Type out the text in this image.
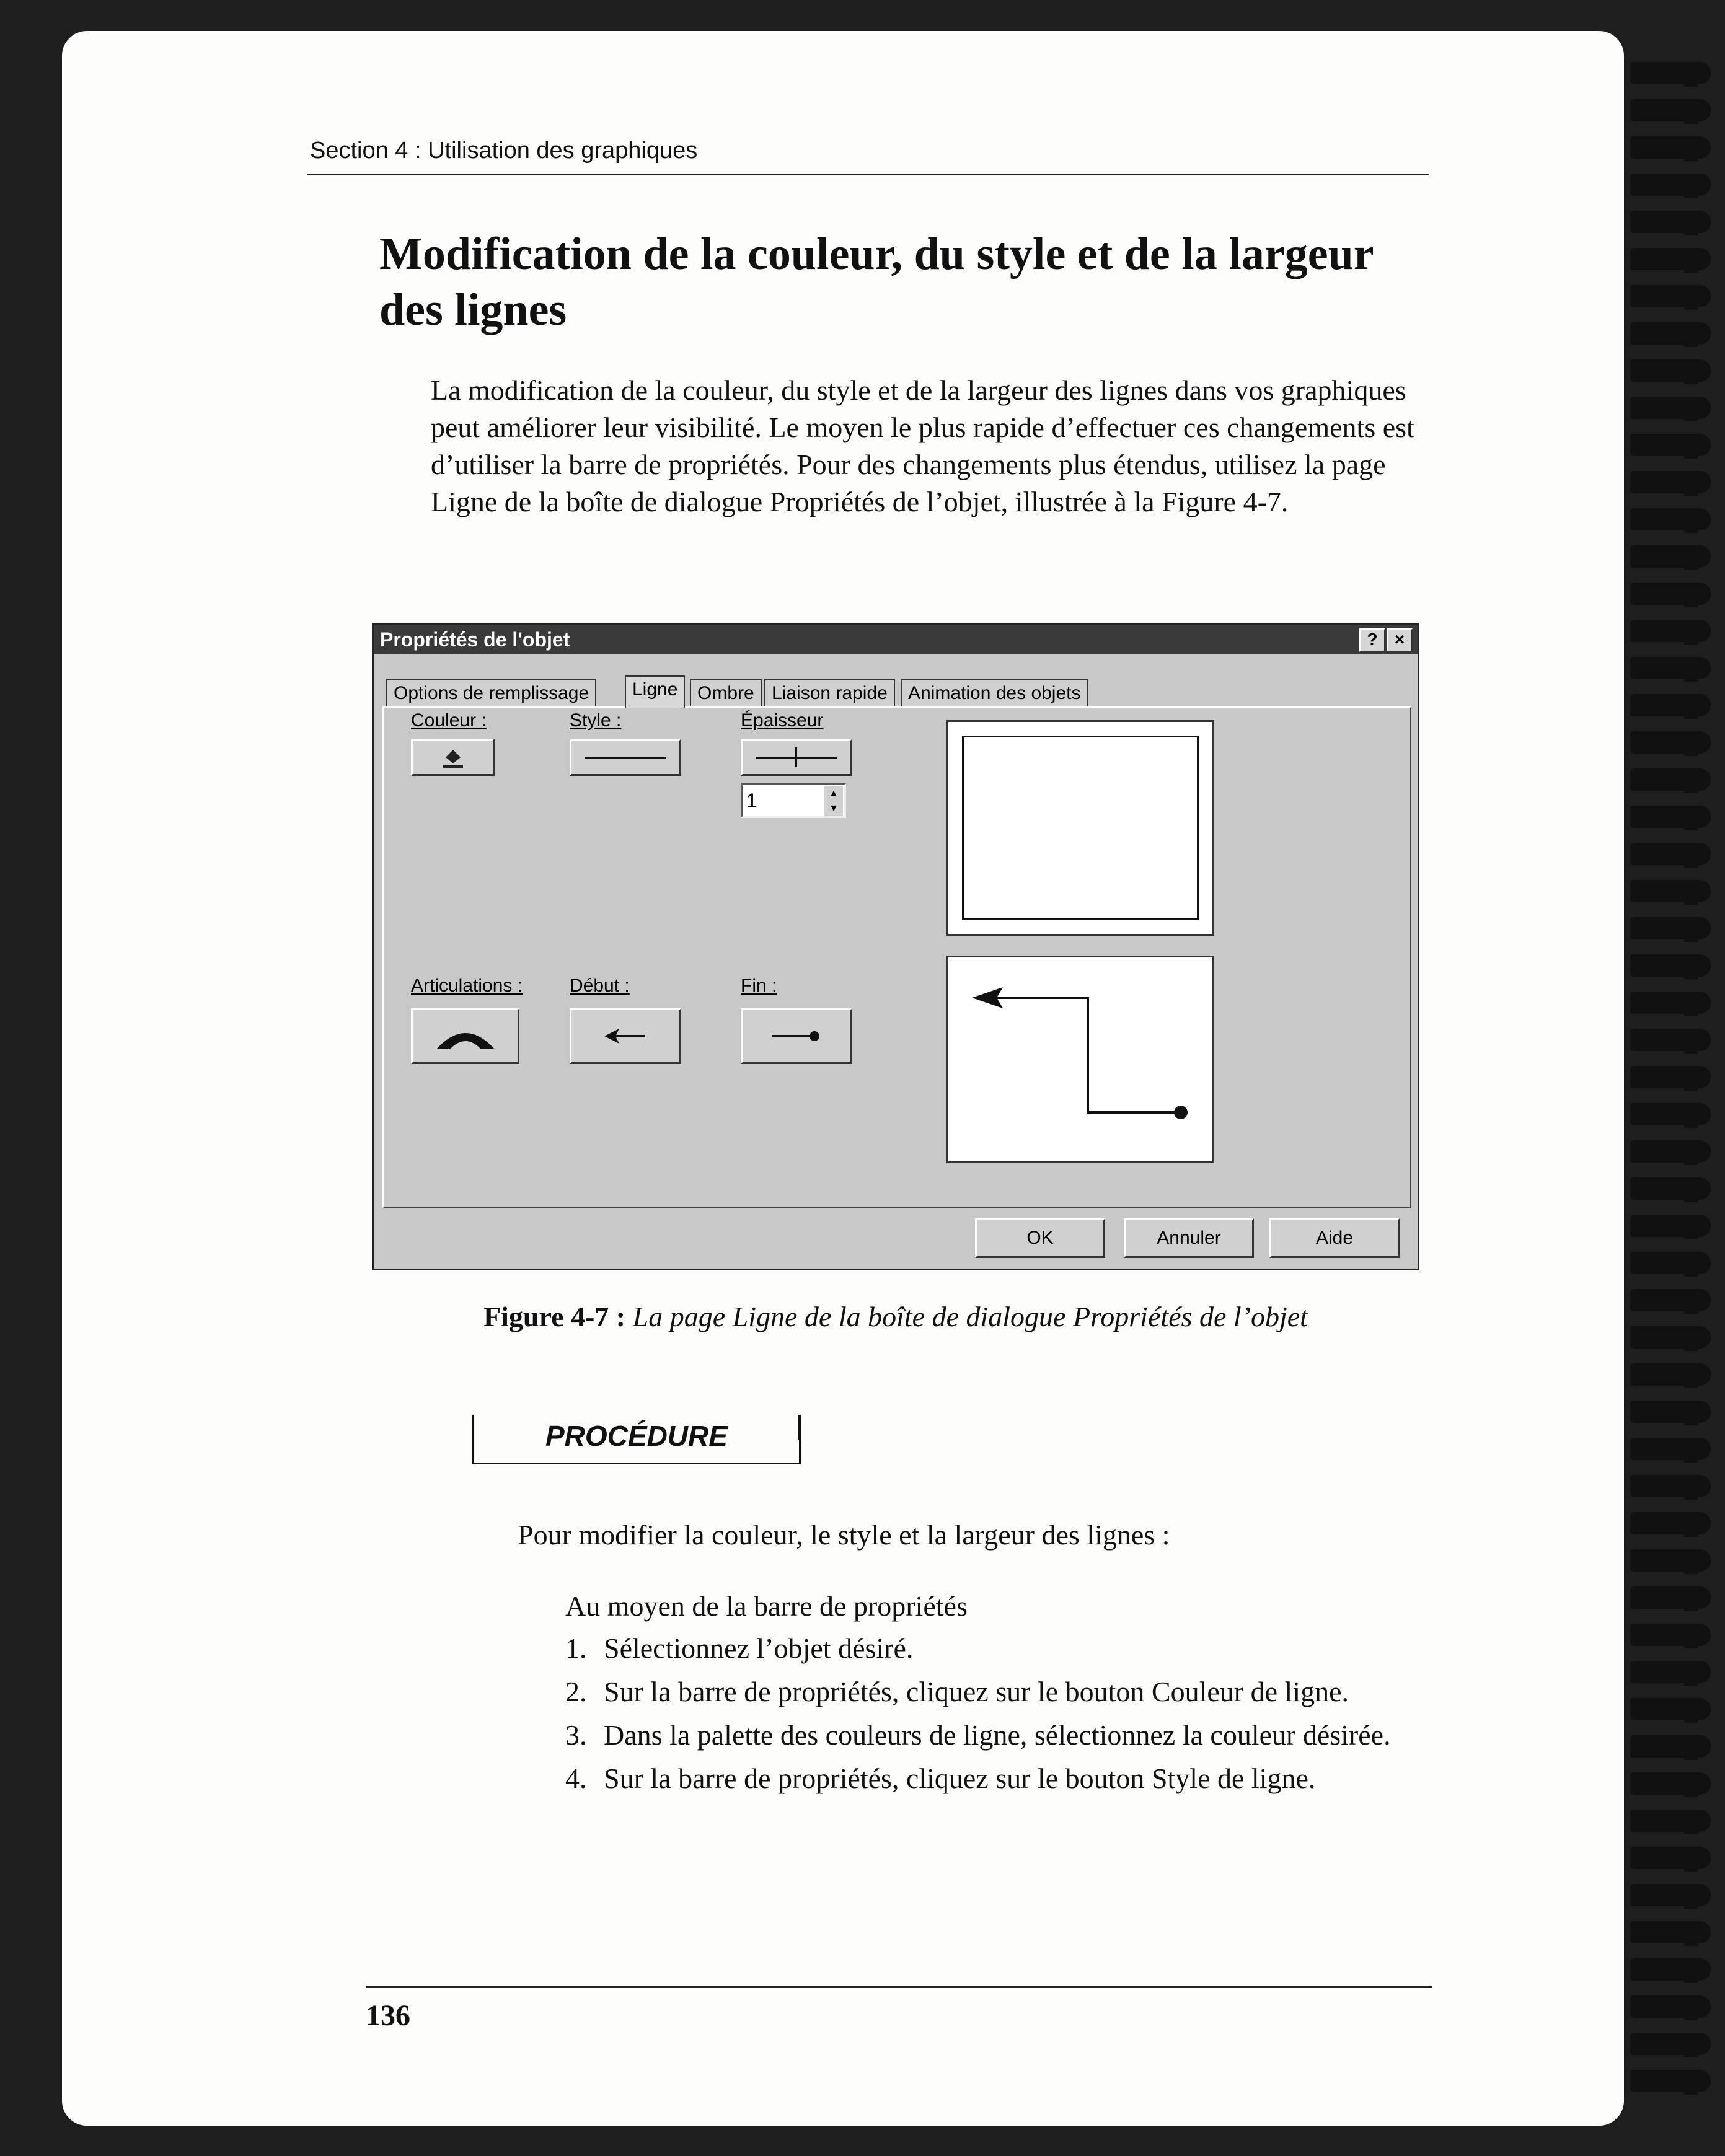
Section 4 : Utilisation des graphiques
Modification de la couleur, du style et de la largeur des lignes

La modification de la couleur, du style et de la largeur des lignes dans vos graphiques peut améliorer leur visibilité. Le moyen le plus rapide d’effectuer ces changements est d’utiliser la barre de propriétés. Pour des changements plus étendus, utilisez la page Ligne de la boîte de dialogue Propriétés de l’objet, illustrée à la Figure 4-7.

Propriétés de l'objet	? ×
Options de remplissage	Ligne	Ombre Liaison rapide	Animation des objets
Couleur :	Style :	Épaisseur
1	▲
▼
Articulations :	Début :	Fin :
OK	Annuler	Aide
Figure 4-7 : La page Ligne de la boîte de dialogue Propriétés de l’objet
PROCÉDURE
Pour modifier la couleur, le style et la largeur des lignes :
Au moyen de la barre de propriétés
1. Sélectionnez l’objet désiré.
2. Sur la barre de propriétés, cliquez sur le bouton Couleur de ligne.
3. Dans la palette des couleurs de ligne, sélectionnez la couleur désirée.
4. Sur la barre de propriétés, cliquez sur le bouton Style de ligne.
136
